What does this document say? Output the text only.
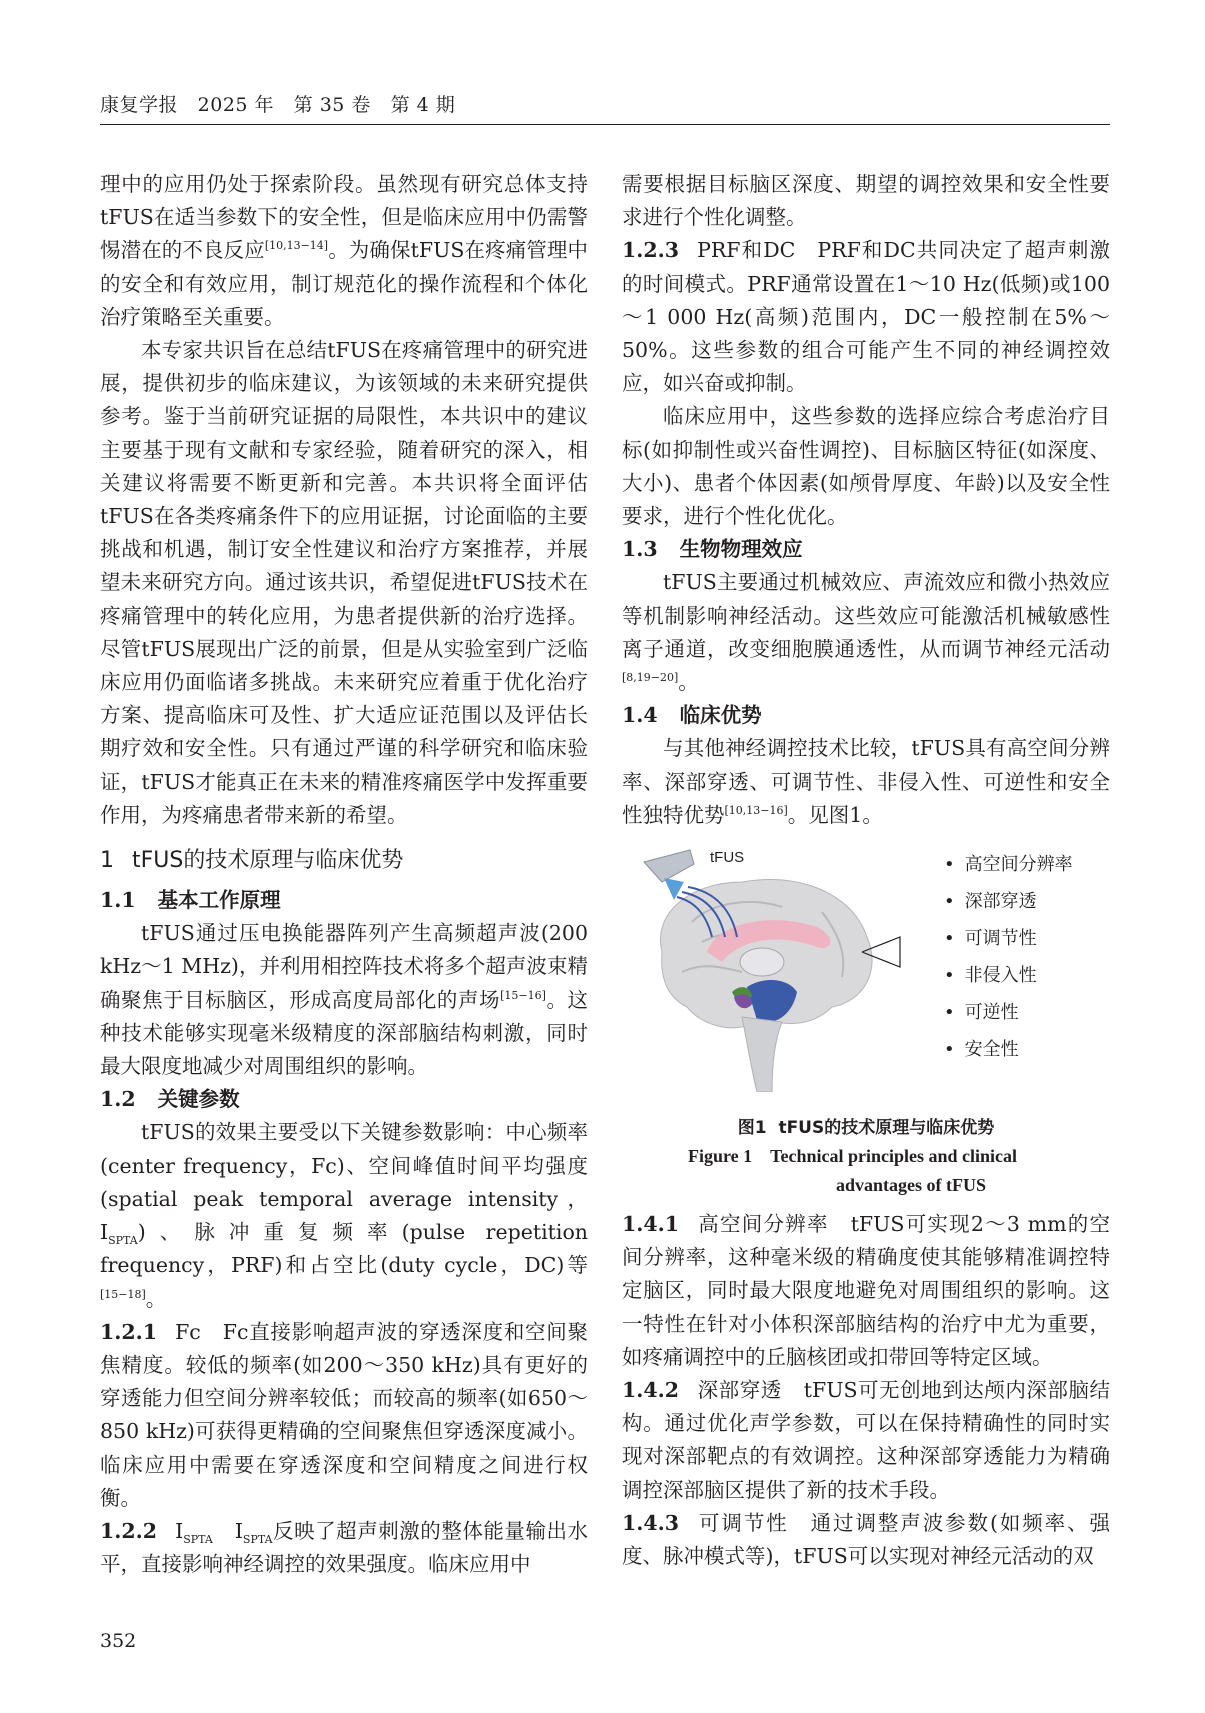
康复学报 2025 年 第 35 卷 第 4 期

理中的应用仍处于探索阶段。虽然现有研究总体支持tFUS在适当参数下的安全性，但是临床应用中仍需警惕潜在的不良反应[10,13−14]。为确保tFUS在疼痛管理中的安全和有效应用，制订规范化的操作流程和个体化治疗策略至关重要。

本专家共识旨在总结tFUS在疼痛管理中的研究进展，提供初步的临床建议，为该领域的未来研究提供参考。鉴于当前研究证据的局限性，本共识中的建议主要基于现有文献和专家经验，随着研究的深入，相关建议将需要不断更新和完善。本共识将全面评估tFUS在各类疼痛条件下的应用证据，讨论面临的主要挑战和机遇，制订安全性建议和治疗方案推荐，并展望未来研究方向。通过该共识，希望促进tFUS技术在疼痛管理中的转化应用，为患者提供新的治疗选择。尽管tFUS展现出广泛的前景，但是从实验室到广泛临床应用仍面临诸多挑战。未来研究应着重于优化治疗方案、提高临床可及性、扩大适应证范围以及评估长期疗效和安全性。只有通过严谨的科学研究和临床验证，tFUS才能真正在未来的精准疼痛医学中发挥重要作用，为疼痛患者带来新的希望。

1 tFUS的技术原理与临床优势

1.1 基本工作原理

tFUS通过压电换能器阵列产生高频超声波(200 kHz～1 MHz)，并利用相控阵技术将多个超声波束精确聚焦于目标脑区，形成高度局部化的声场[15−16]。这种技术能够实现毫米级精度的深部脑结构刺激，同时最大限度地减少对周围组织的影响。

1.2 关键参数

tFUS的效果主要受以下关键参数影响：中心频率(center frequency，Fc)、空间峰值时间平均强度(spatial peak temporal average intensity，$I_{SPTA}$)、脉冲重复频率(pulse repetition frequency，PRF)和占空比(duty cycle，DC)等[15−18]。

1.2.1 Fc Fc直接影响超声波的穿透深度和空间聚焦精度。较低的频率(如200～350 kHz)具有更好的穿透能力但空间分辨率较低；而较高的频率(如650～850 kHz)可获得更精确的空间聚焦但穿透深度减小。临床应用中需要在穿透深度和空间精度之间进行权衡。

1.2.2 $I_{SPTA}$ $I_{SPTA}$反映了超声刺激的整体能量输出水平，直接影响神经调控的效果强度。临床应用中

需要根据目标脑区深度、期望的调控效果和安全性要求进行个性化调整。

1.2.3 PRF和DC PRF和DC共同决定了超声刺激的时间模式。PRF通常设置在1～10 Hz(低频)或100～1 000 Hz(高频)范围内，DC一般控制在5%～50%。这些参数的组合可能产生不同的神经调控效应，如兴奋或抑制。

临床应用中，这些参数的选择应综合考虑治疗目标(如抑制性或兴奋性调控)、目标脑区特征(如深度、大小)、患者个体因素(如颅骨厚度、年龄)以及安全性要求，进行个性化优化。

1.3 生物物理效应

tFUS主要通过机械效应、声流效应和微小热效应等机制影响神经活动。这些效应可能激活机械敏感性离子通道，改变细胞膜通透性，从而调节神经元活动[8,19−20]。

1.4 临床优势

与其他神经调控技术比较，tFUS具有高空间分辨率、深部穿透、可调节性、非侵入性、可逆性和安全性独特优势[10,13−16]。见图1。

tFUS
•	高空间分辨率
• 深部穿透
• 可调节性
• 非侵入性
• 可逆性
• 安全性
图1 tFUS的技术原理与临床优势
Figure 1 Technical principles and clinical
advantages of tFUS

1.4.1 高空间分辨率 tFUS可实现2～3 mm的空间分辨率，这种毫米级的精确度使其能够精准调控特定脑区，同时最大限度地避免对周围组织的影响。这一特性在针对小体积深部脑结构的治疗中尤为重要，如疼痛调控中的丘脑核团或扣带回等特定区域。

1.4.2 深部穿透 tFUS可无创地到达颅内深部脑结构。通过优化声学参数，可以在保持精确性的同时实现对深部靶点的有效调控。这种深部穿透能力为精确调控深部脑区提供了新的技术手段。

1.4.3 可调节性 通过调整声波参数(如频率、强度、脉冲模式等)，tFUS可以实现对神经元活动的双

352
